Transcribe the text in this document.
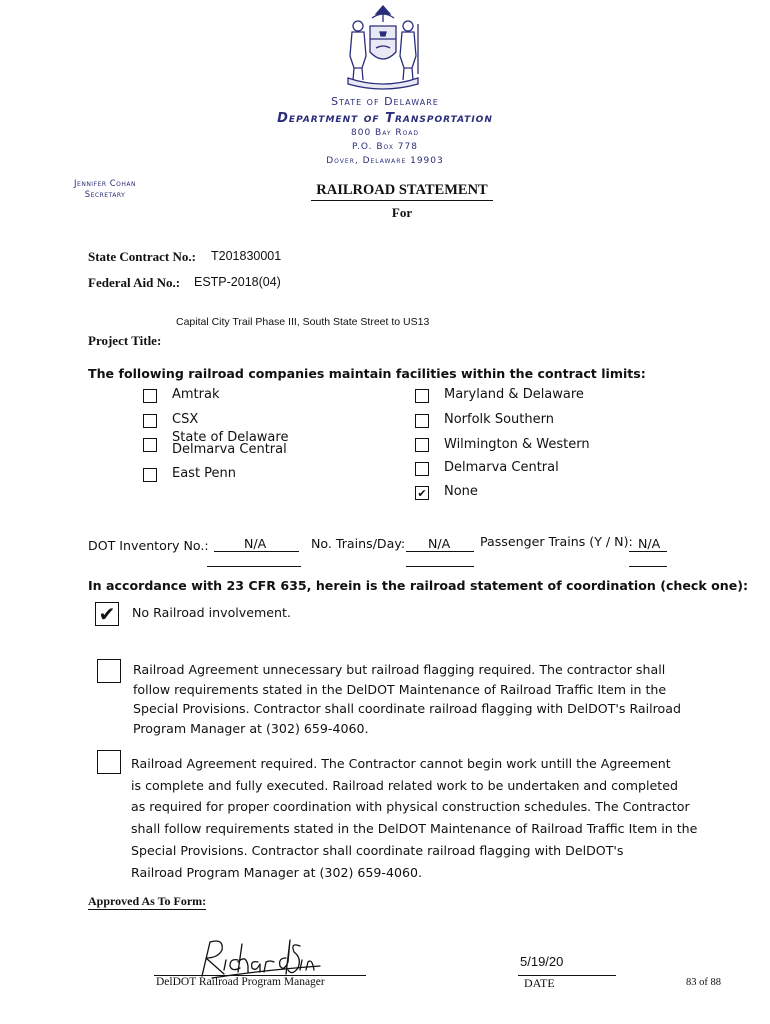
State of Delaware
Department of Transportation
800 Bay Road
P.O. Box 778
Dover, Delaware 19903
Jennifer Cohan
Secretary	RAILROAD STATEMENT
For
State Contract No.: T201830001
Federal Aid No.: ESTP-2018(04)
Capital City Trail Phase III, South State Street to US13
Project Title:
The following railroad companies maintain facilities within the contract limits:
Amtrak
CSX
State of Delaware
Delmarva Central
East Penn
Maryland & Delaware
Norfolk Southern
Wilmington & Western
Delmarva Central
✔ None
DOT Inventory No.:	N/A	No. Trains/Day:	N/A	Passenger Trains (Y / N): N/A
In accordance with 23 CFR 635, herein is the railroad statement of coordination (check one):
✔ No Railroad involvement.
Railroad Agreement unnecessary but railroad flagging required. The contractor shall
follow requirements stated in the DelDOT Maintenance of Railroad Traffic Item in the
Special Provisions. Contractor shall coordinate railroad flagging with DelDOT's Railroad
Program Manager at (302) 659-4060.
Railroad Agreement required. The Contractor cannot begin work untill the Agreement
is complete and fully executed. Railroad related work to be undertaken and completed
as required for proper coordination with physical construction schedules. The Contractor
shall follow requirements stated in the DelDOT Maintenance of Railroad Traffic Item in the
Special Provisions. Contractor shall coordinate railroad flagging with DelDOT's
Railroad Program Manager at (302) 659-4060.
Approved As To Form:
DelDOT Railroad Program Manager
5/19/20
DATE	83 of 88
